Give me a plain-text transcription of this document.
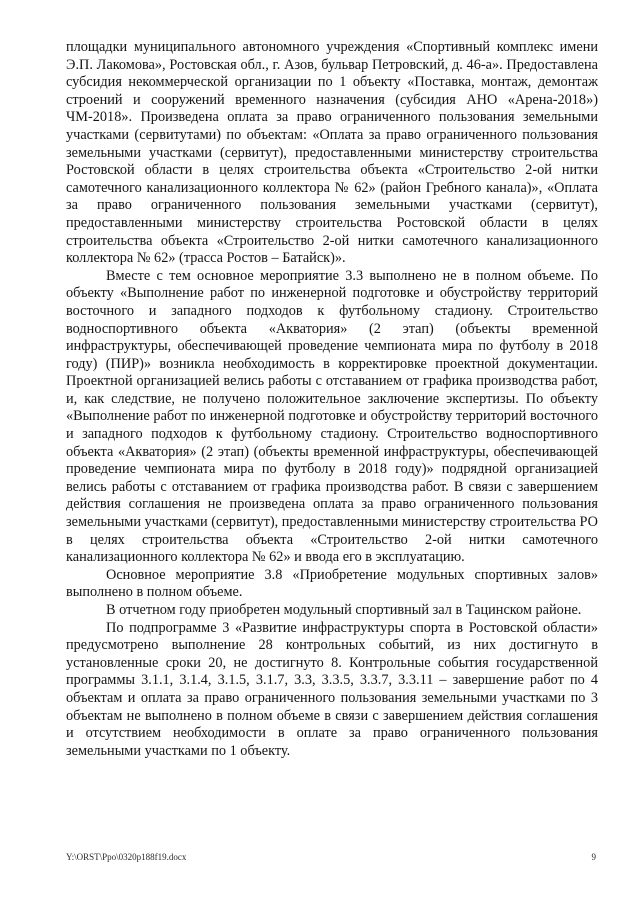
площадки муниципального автономного учреждения «Спортивный комплекс имени Э.П. Лакомова», Ростовская обл., г. Азов, бульвар Петровский, д. 46-а». Предоставлена субсидия некоммерческой организации по 1 объекту «Поставка, монтаж, демонтаж строений и сооружений временного назначения (субсидия АНО «Арена-2018») ЧМ-2018». Произведена оплата за право ограниченного пользования земельными участками (сервитутами) по объектам: «Оплата за право ограниченного пользования земельными участками (сервитут), предоставленными министерству строительства Ростовской области в целях строительства объекта «Строительство 2-ой нитки самотечного канализационного коллектора № 62» (район Гребного канала)», «Оплата за право ограниченного пользования земельными участками (сервитут), предоставленными министерству строительства Ростовской области в целях строительства объекта «Строительство 2-ой нитки самотечного канализационного коллектора № 62» (трасса Ростов – Батайск)».

Вместе с тем основное мероприятие 3.3 выполнено не в полном объеме. По объекту «Выполнение работ по инженерной подготовке и обустройству территорий восточного и западного подходов к футбольному стадиону. Строительство водноспортивного объекта «Акватория» (2 этап) (объекты временной инфраструктуры, обеспечивающей проведение чемпионата мира по футболу в 2018 году) (ПИР)» возникла необходимость в корректировке проектной документации. Проектной организацией велись работы с отставанием от графика производства работ, и, как следствие, не получено положительное заключение экспертизы. По объекту «Выполнение работ по инженерной подготовке и обустройству территорий восточного и западного подходов к футбольному стадиону. Строительство водноспортивного объекта «Акватория» (2 этап) (объекты временной инфраструктуры, обеспечивающей проведение чемпионата мира по футболу в 2018 году)» подрядной организацией велись работы с отставанием от графика производства работ. В связи с завершением действия соглашения не произведена оплата за право ограниченного пользования земельными участками (сервитут), предоставленными министерству строительства РО в целях строительства объекта «Строительство 2-ой нитки самотечного канализационного коллектора № 62» и ввода его в эксплуатацию.

Основное мероприятие 3.8 «Приобретение модульных спортивных залов» выполнено в полном объеме.

В отчетном году приобретен модульный спортивный зал в Тацинском районе.

По подпрограмме 3 «Развитие инфраструктуры спорта в Ростовской области» предусмотрено выполнение 28 контрольных событий, из них достигнуто в установленные сроки 20, не достигнуто 8. Контрольные события государственной программы 3.1.1, 3.1.4, 3.1.5, 3.1.7, 3.3, 3.3.5, 3.3.7, 3.3.11 – завершение работ по 4 объектам и оплата за право ограниченного пользования земельными участками по 3 объектам не выполнено в полном объеме в связи с завершением действия соглашения и отсутствием необходимости в оплате за право ограниченного пользования земельными участками по 1 объекту.

Y:\ORST\Ppo\0320p188f19.docx	9
